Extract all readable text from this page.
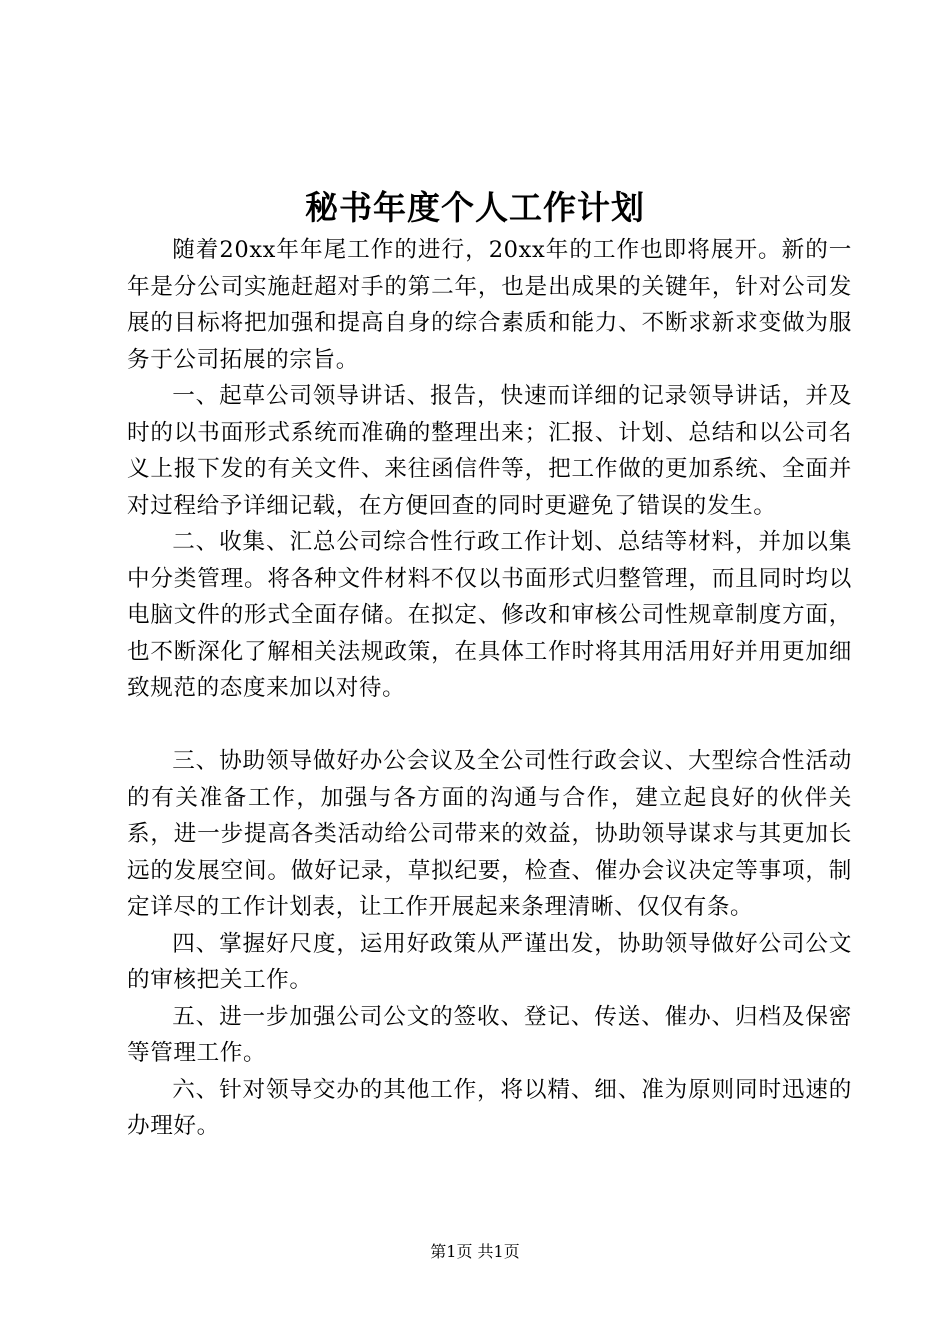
秘书年度个人工作计划

随着20xx年年尾工作的进行，20xx年的工作也即将展开。新的一年是分公司实施赶超对手的第二年，也是出成果的关键年，针对公司发展的目标将把加强和提高自身的综合素质和能力、不断求新求变做为服务于公司拓展的宗旨。

一、起草公司领导讲话、报告，快速而详细的记录领导讲话，并及时的以书面形式系统而准确的整理出来；汇报、计划、总结和以公司名义上报下发的有关文件、来往函信件等，把工作做的更加系统、全面并对过程给予详细记载，在方便回查的同时更避免了错误的发生。

二、收集、汇总公司综合性行政工作计划、总结等材料，并加以集中分类管理。将各种文件材料不仅以书面形式归整管理，而且同时均以电脑文件的形式全面存储。在拟定、修改和审核公司性规章制度方面，也不断深化了解相关法规政策，在具体工作时将其用活用好并用更加细致规范的态度来加以对待。

三、协助领导做好办公会议及全公司性行政会议、大型综合性活动的有关准备工作，加强与各方面的沟通与合作，建立起良好的伙伴关系，进一步提高各类活动给公司带来的效益，协助领导谋求与其更加长远的发展空间。做好记录，草拟纪要，检查、催办会议决定等事项，制定详尽的工作计划表，让工作开展起来条理清晰、仅仅有条。

四、掌握好尺度，运用好政策从严谨出发，协助领导做好公司公文的审核把关工作。

五、进一步加强公司公文的签收、登记、传送、催办、归档及保密等管理工作。

六、针对领导交办的其他工作，将以精、细、准为原则同时迅速的办理好。

第1页 共1页
